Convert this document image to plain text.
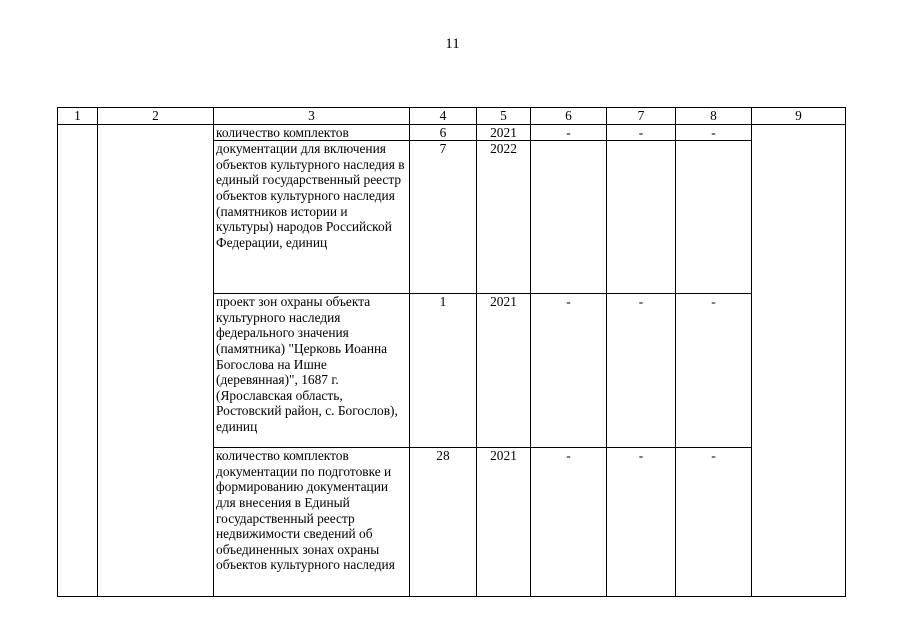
11
1	2	3	4	5	6	7	8	9
		количество комплектов	6	2021	-	-	-	
		документации для включения объектов культурного наследия в единый государственный реестр объектов культурного наследия (памятников истории и культуры) народов Российской Федерации, единиц	7	2022				
		проект зон охраны объекта культурного наследия федерального значения (памятника) "Церковь Иоанна Богослова на Ишне (деревянная)", 1687 г. (Ярославская область, Ростовский район, с. Богослов), единиц	1	2021	-	-	-	
		количество комплектов документации по подготовке и формированию документации для внесения в Единый государственный реестр недвижимости сведений об объединенных зонах охраны объектов культурного наследия	28	2021	-	-	-	
